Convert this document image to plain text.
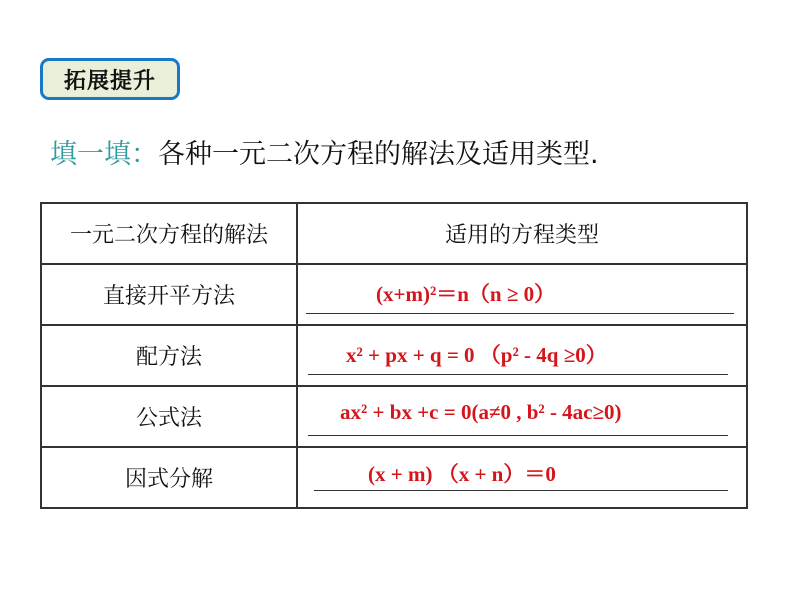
拓展提升
填一填：各种一元二次方程的解法及适用类型.
一元二次方程的解法	适用的方程类型
直接开平方法	(x+m)²＝n（n ≥ 0）

配方法	x² + px + q = 0 （p² - 4q ≥0）

公式法	ax² + bx +c = 0(a≠0 , b² - 4ac≥0)

因式分解	(x + m) （x + n）＝0
